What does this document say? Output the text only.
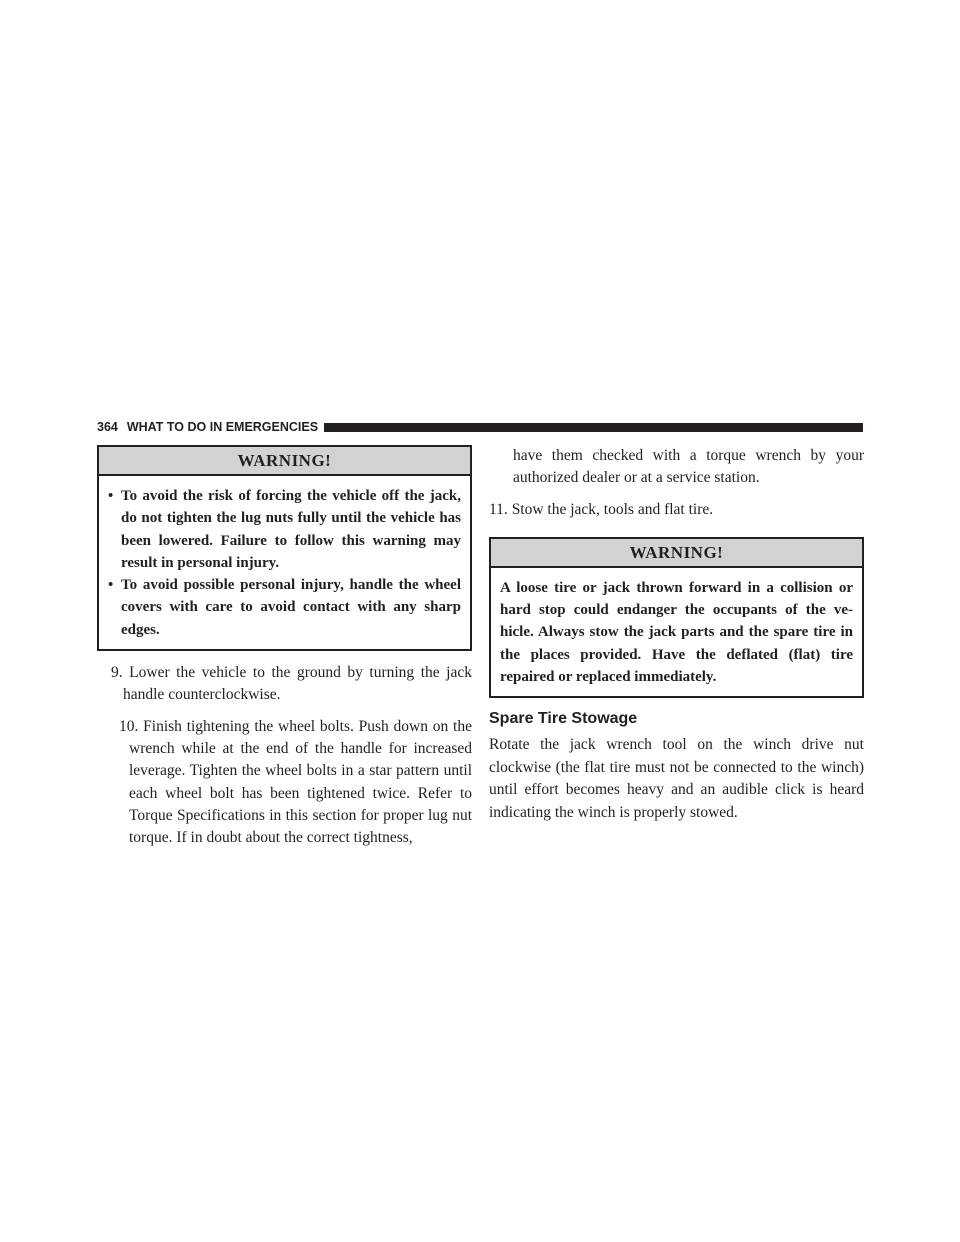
364 WHAT TO DO IN EMERGENCIES
WARNING!
• To avoid the risk of forcing the vehicle off the jack, do not tighten the lug nuts fully until the vehicle has been lowered. Failure to follow this warning may result in personal injury.
• To avoid possible personal injury, handle the wheel covers with care to avoid contact with any sharp edges.
9. Lower the vehicle to the ground by turning the jack handle counterclockwise.
10. Finish tightening the wheel bolts. Push down on the wrench while at the end of the handle for increased leverage. Tighten the wheel bolts in a star pattern until each wheel bolt has been tightened twice. Refer to Torque Specifications in this section for proper lug nut torque. If in doubt about the correct tightness,
have them checked with a torque wrench by your authorized dealer or at a service station.
11. Stow the jack, tools and flat tire.
WARNING!
A loose tire or jack thrown forward in a collision or hard stop could endanger the occupants of the ve- hicle. Always stow the jack parts and the spare tire in the places provided. Have the deflated (flat) tire repaired or replaced immediately.
Spare Tire Stowage
Rotate the jack wrench tool on the winch drive nut clockwise (the flat tire must not be connected to the winch) until effort becomes heavy and an audible click is heard indicating the winch is properly stowed.
